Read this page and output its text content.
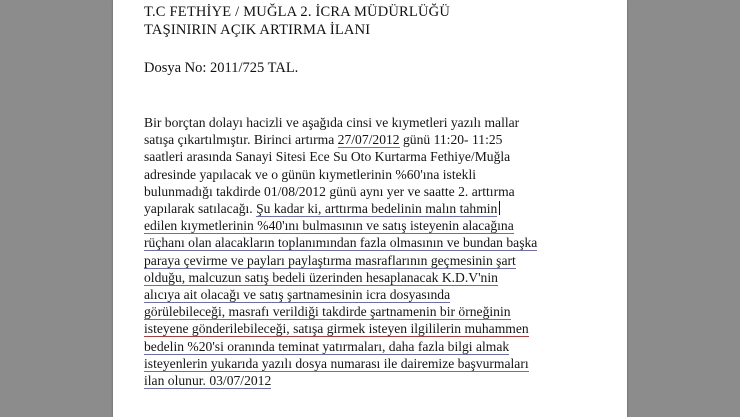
T.C FETHİYE / MUĞLA 2. İCRA MÜDÜRLÜĞÜ
TAŞINIRIN AÇIK ARTIRMA İLANI
Dosya No: 2011/725 TAL.
Bir borçtan dolayı hacizli ve aşağıda cinsi ve kıymetleri yazılı mallar
satışa çıkartılmıştır. Birinci artırma 27/07/2012 günü 11:20- 11:25
saatleri arasında Sanayi Sitesi Ece Su Oto Kurtarma Fethiye/Muğla
adresinde yapılacak ve o günün kıymetlerinin %60'ına istekli
bulunmadığı takdirde 01/08/2012 günü aynı yer ve saatte 2. arttırma
yapılarak satılacağı. Şu kadar ki, arttırma bedelinin malın tahmin
edilen kıymetlerinin %40'ını bulmasının ve satış isteyenin alacağına
rüçhanı olan alacakların toplanımından fazla olmasının ve bundan başka
paraya çevirme ve payları paylaştırma masraflarının geçmesinin şart
olduğu, malcuzun satış bedeli üzerinden hesaplanacak K.D.V'nin
alıcıya ait olacağı ve satış şartnamesinin icra dosyasında
görülebileceği, masrafı verildiği takdirde şartnamenin bir örneğinin
isteyene gönderilebileceği, satışa girmek isteyen ilgililerin muhammen
bedelin %20'si oranında teminat yatırmaları, daha fazla bilgi almak
isteyenlerin yukarıda yazılı dosya numarası ile dairemize başvurmaları
ilan olunur. 03/07/2012
